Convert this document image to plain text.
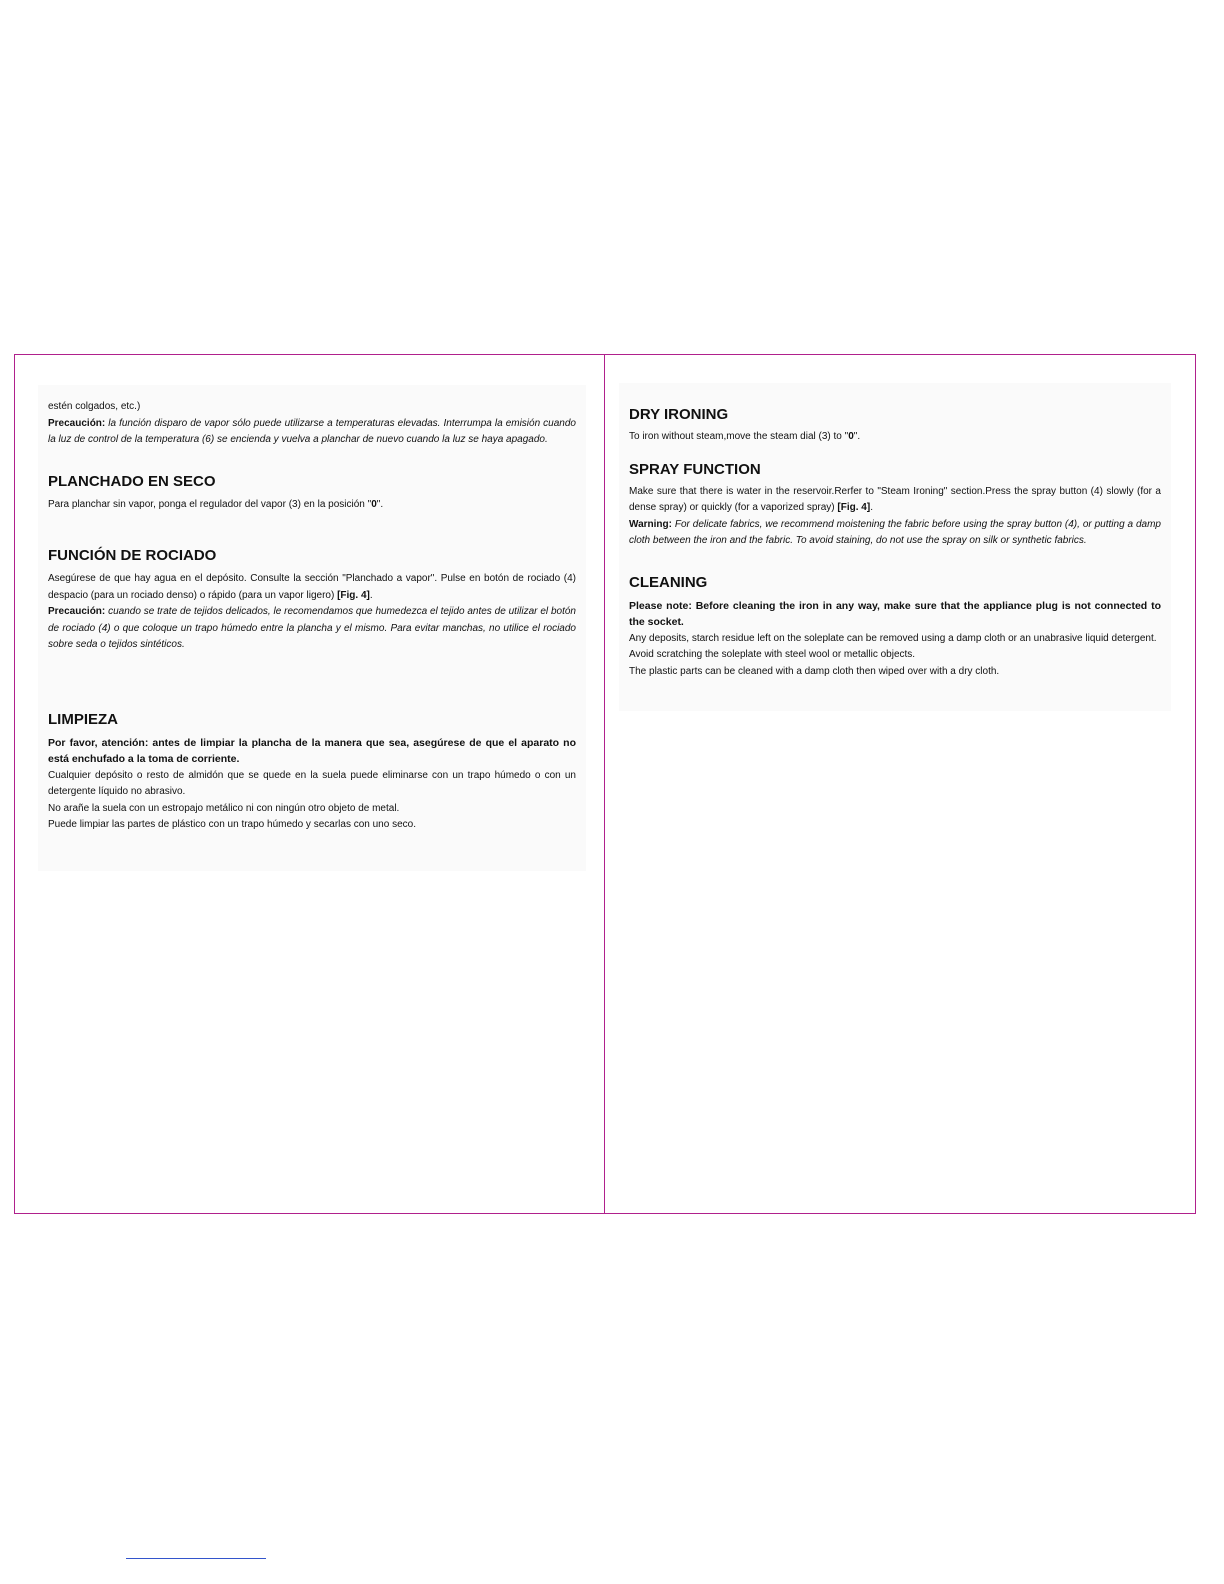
estén colgados, etc.)

Precaución: la función disparo de vapor sólo puede utilizarse a temperaturas elevadas. Interrumpa la emisión cuando la luz de control de la temperatura (6) se encienda y vuelva a planchar de nuevo cuando la luz se haya apagado.

PLANCHADO EN SECO

Para planchar sin vapor, ponga el regulador del vapor (3) en la posición "0".

FUNCIÓN DE ROCIADO

Asegúrese de que hay agua en el depósito. Consulte la sección "Planchado a vapor". Pulse en botón de rociado (4) despacio (para un rociado denso) o rápido (para un vapor ligero) [Fig. 4].

Precaución: cuando se trate de tejidos delicados, le recomendamos que humedezca el tejido antes de utilizar el botón de rociado (4) o que coloque un trapo húmedo entre la plancha y el mismo. Para evitar manchas, no utilice el rociado sobre seda o tejidos sintéticos.

LIMPIEZA

Por favor, atención: antes de limpiar la plancha de la manera que sea, asegúrese de que el aparato no está enchufado a la toma de corriente.

Cualquier depósito o resto de almidón que se quede en la suela puede eliminarse con un trapo húmedo o con un detergente líquido no abrasivo.

No arañe la suela con un estropajo metálico ni con ningún otro objeto de metal.

Puede limpiar las partes de plástico con un trapo húmedo y secarlas con uno seco.

DRY IRONING

To iron without steam,move the steam dial (3) to "0".

SPRAY FUNCTION

Make sure that there is water in the reservoir.Rerfer to "Steam Ironing" section.Press the spray button (4) slowly (for a dense spray) or quickly (for a vaporized spray) [Fig. 4].

Warning: For delicate fabrics, we recommend moistening the fabric before using the spray button (4), or putting a damp cloth between the iron and the fabric. To avoid staining, do not use the spray on silk or synthetic fabrics.

CLEANING

Please note: Before cleaning the iron in any way, make sure that the appliance plug is not connected to the socket.

Any deposits, starch residue left on the soleplate can be removed using a damp cloth or an unabrasive liquid detergent.

Avoid scratching the soleplate with steel wool or metallic objects.

The plastic parts can be cleaned with a damp cloth then wiped over with a dry cloth.
